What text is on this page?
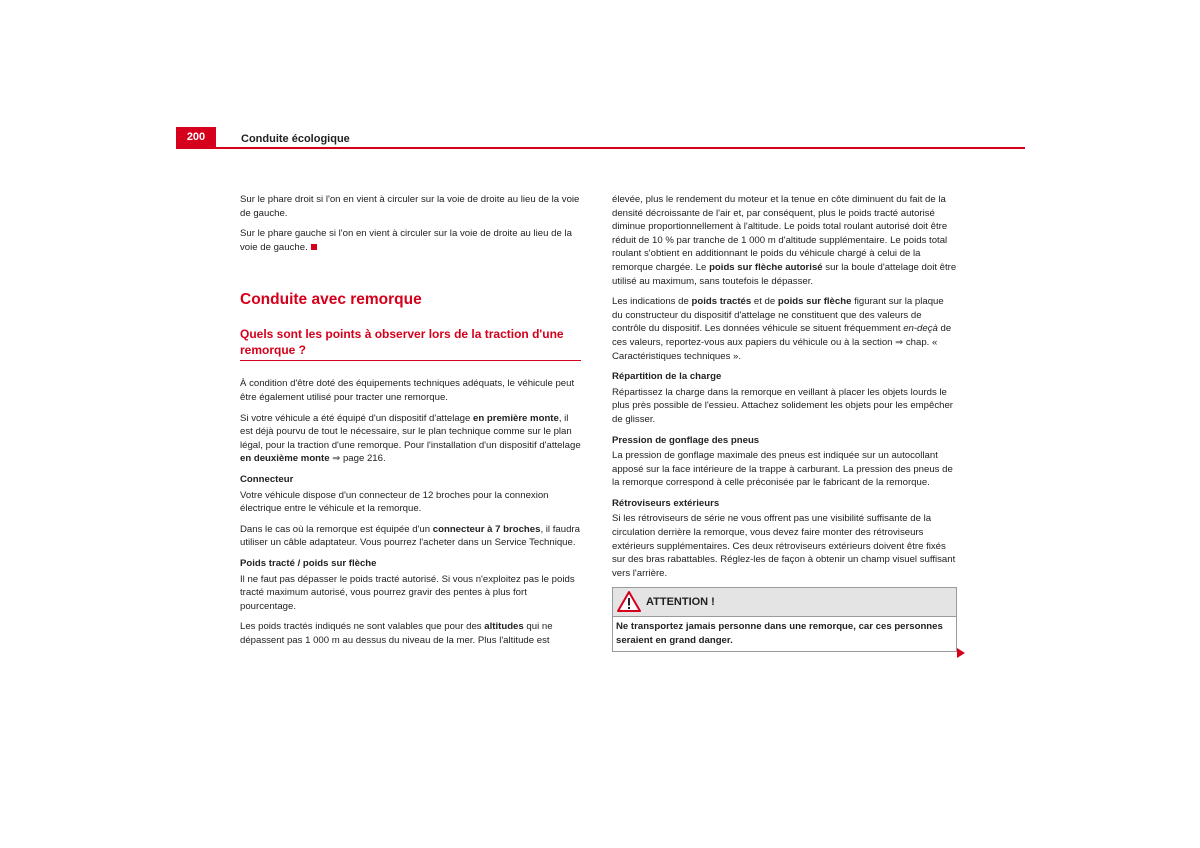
200	Conduite écologique

Sur le phare droit si l'on en vient à circuler sur la voie de droite au lieu de la voie de gauche.

Sur le phare gauche si l'on en vient à circuler sur la voie de droite au lieu de la voie de gauche.

Conduite avec remorque

Quels sont les points à observer lors de la traction d'une remorque ?

À condition d'être doté des équipements techniques adéquats, le véhicule peut être également utilisé pour tracter une remorque.

Si votre véhicule a été équipé d'un dispositif d'attelage en première monte, il est déjà pourvu de tout le nécessaire, sur le plan technique comme sur le plan légal, pour la traction d'une remorque. Pour l'installation d'un dispositif d'attelage en deuxième monte ⇒ page 216.

Connecteur

Votre véhicule dispose d'un connecteur de 12 broches pour la connexion électrique entre le véhicule et la remorque.

Dans le cas où la remorque est équipée d'un connecteur à 7 broches, il faudra utiliser un câble adaptateur. Vous pourrez l'acheter dans un Service Technique.

Poids tracté / poids sur flèche

Il ne faut pas dépasser le poids tracté autorisé. Si vous n'exploitez pas le poids tracté maximum autorisé, vous pourrez gravir des pentes à plus fort pourcentage.

Les poids tractés indiqués ne sont valables que pour des altitudes qui ne dépassent pas 1 000 m au dessus du niveau de la mer. Plus l'altitude est

élevée, plus le rendement du moteur et la tenue en côte diminuent du fait de la densité décroissante de l'air et, par conséquent, plus le poids tracté autorisé diminue proportionnellement à l'altitude. Le poids total roulant autorisé doit être réduit de 10 % par tranche de 1 000 m d'altitude supplémentaire. Le poids total roulant s'obtient en additionnant le poids du véhicule chargé à celui de la remorque chargée. Le poids sur flèche autorisé sur la boule d'attelage doit être utilisé au maximum, sans toutefois le dépasser.

Les indications de poids tractés et de poids sur flèche figurant sur la plaque du constructeur du dispositif d'attelage ne constituent que des valeurs de contrôle du dispositif. Les données véhicule se situent fréquemment en-deçà de ces valeurs, reportez-vous aux papiers du véhicule ou à la section ⇒ chap. « Caractéristiques techniques ».

Répartition de la charge

Répartissez la charge dans la remorque en veillant à placer les objets lourds le plus près possible de l'essieu. Attachez solidement les objets pour les empêcher de glisser.

Pression de gonflage des pneus

La pression de gonflage maximale des pneus est indiquée sur un autocollant apposé sur la face intérieure de la trappe à carburant. La pression des pneus de la remorque correspond à celle préconisée par le fabricant de la remorque.

Rétroviseurs extérieurs

Si les rétroviseurs de série ne vous offrent pas une visibilité suffisante de la circulation derrière la remorque, vous devez faire monter des rétroviseurs extérieurs supplémentaires. Ces deux rétroviseurs extérieurs doivent être fixés sur des bras rabattables. Réglez-les de façon à obtenir un champ visuel suffisant vers l'arrière.

ATTENTION !
Ne transportez jamais personne dans une remorque, car ces personnes seraient en grand danger.
